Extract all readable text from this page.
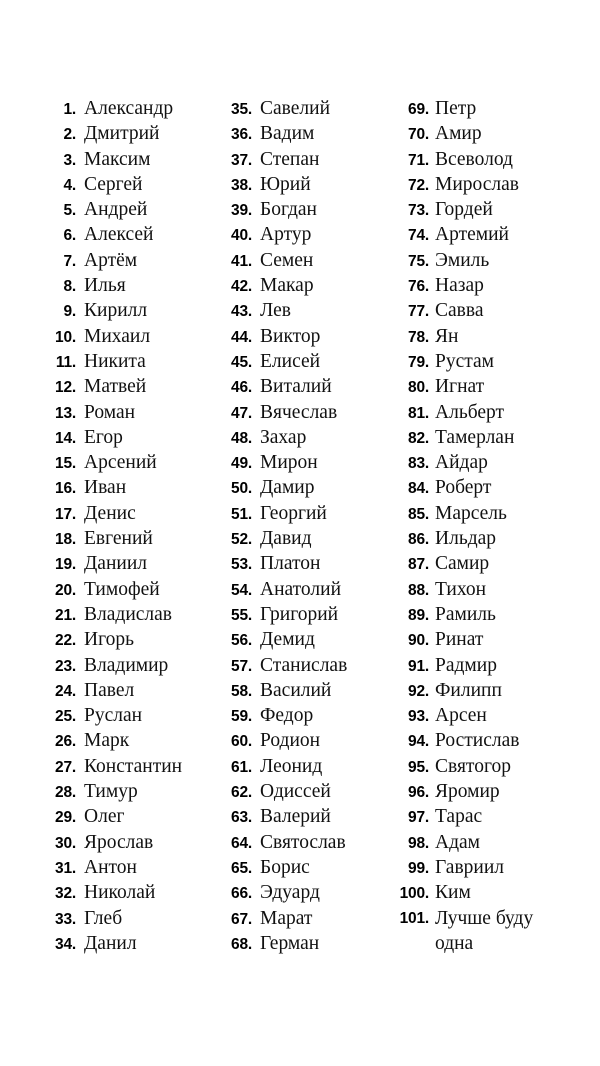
1. Александр
2. Дмитрий
3. Максим
4. Сергей
5. Андрей
6. Алексей
7. Артём
8. Илья
9. Кирилл
10. Михаил
11. Никита
12. Матвей
13. Роман
14. Егор
15. Арсений
16. Иван
17. Денис
18. Евгений
19. Даниил
20. Тимофей
21. Владислав
22. Игорь
23. Владимир
24. Павел
25. Руслан
26. Марк
27. Константин
28. Тимур
29. Олег
30. Ярослав
31. Антон
32. Николай
33. Глеб
34. Данил
35. Савелий
36. Вадим
37. Степан
38. Юрий
39. Богдан
40. Артур
41. Семен
42. Макар
43. Лев
44. Виктор
45. Елисей
46. Виталий
47. Вячеслав
48. Захар
49. Мирон
50. Дамир
51. Георгий
52. Давид
53. Платон
54. Анатолий
55. Григорий
56. Демид
57. Станислав
58. Василий
59. Федор
60. Родион
61. Леонид
62. Одиссей
63. Валерий
64. Святослав
65. Борис
66. Эдуард
67. Марат
68. Герман
69. Петр
70. Амир
71. Всеволод
72. Мирослав
73. Гордей
74. Артемий
75. Эмиль
76. Назар
77. Савва
78. Ян
79. Рустам
80. Игнат
81. Альберт
82. Тамерлан
83. Айдар
84. Роберт
85. Марсель
86. Ильдар
87. Самир
88. Тихон
89. Рамиль
90. Ринат
91. Радмир
92. Филипп
93. Арсен
94. Ростислав
95. Святогор
96. Яромир
97. Тарас
98. Адам
99. Гавриил
100. Ким
101. Лучше буду одна
